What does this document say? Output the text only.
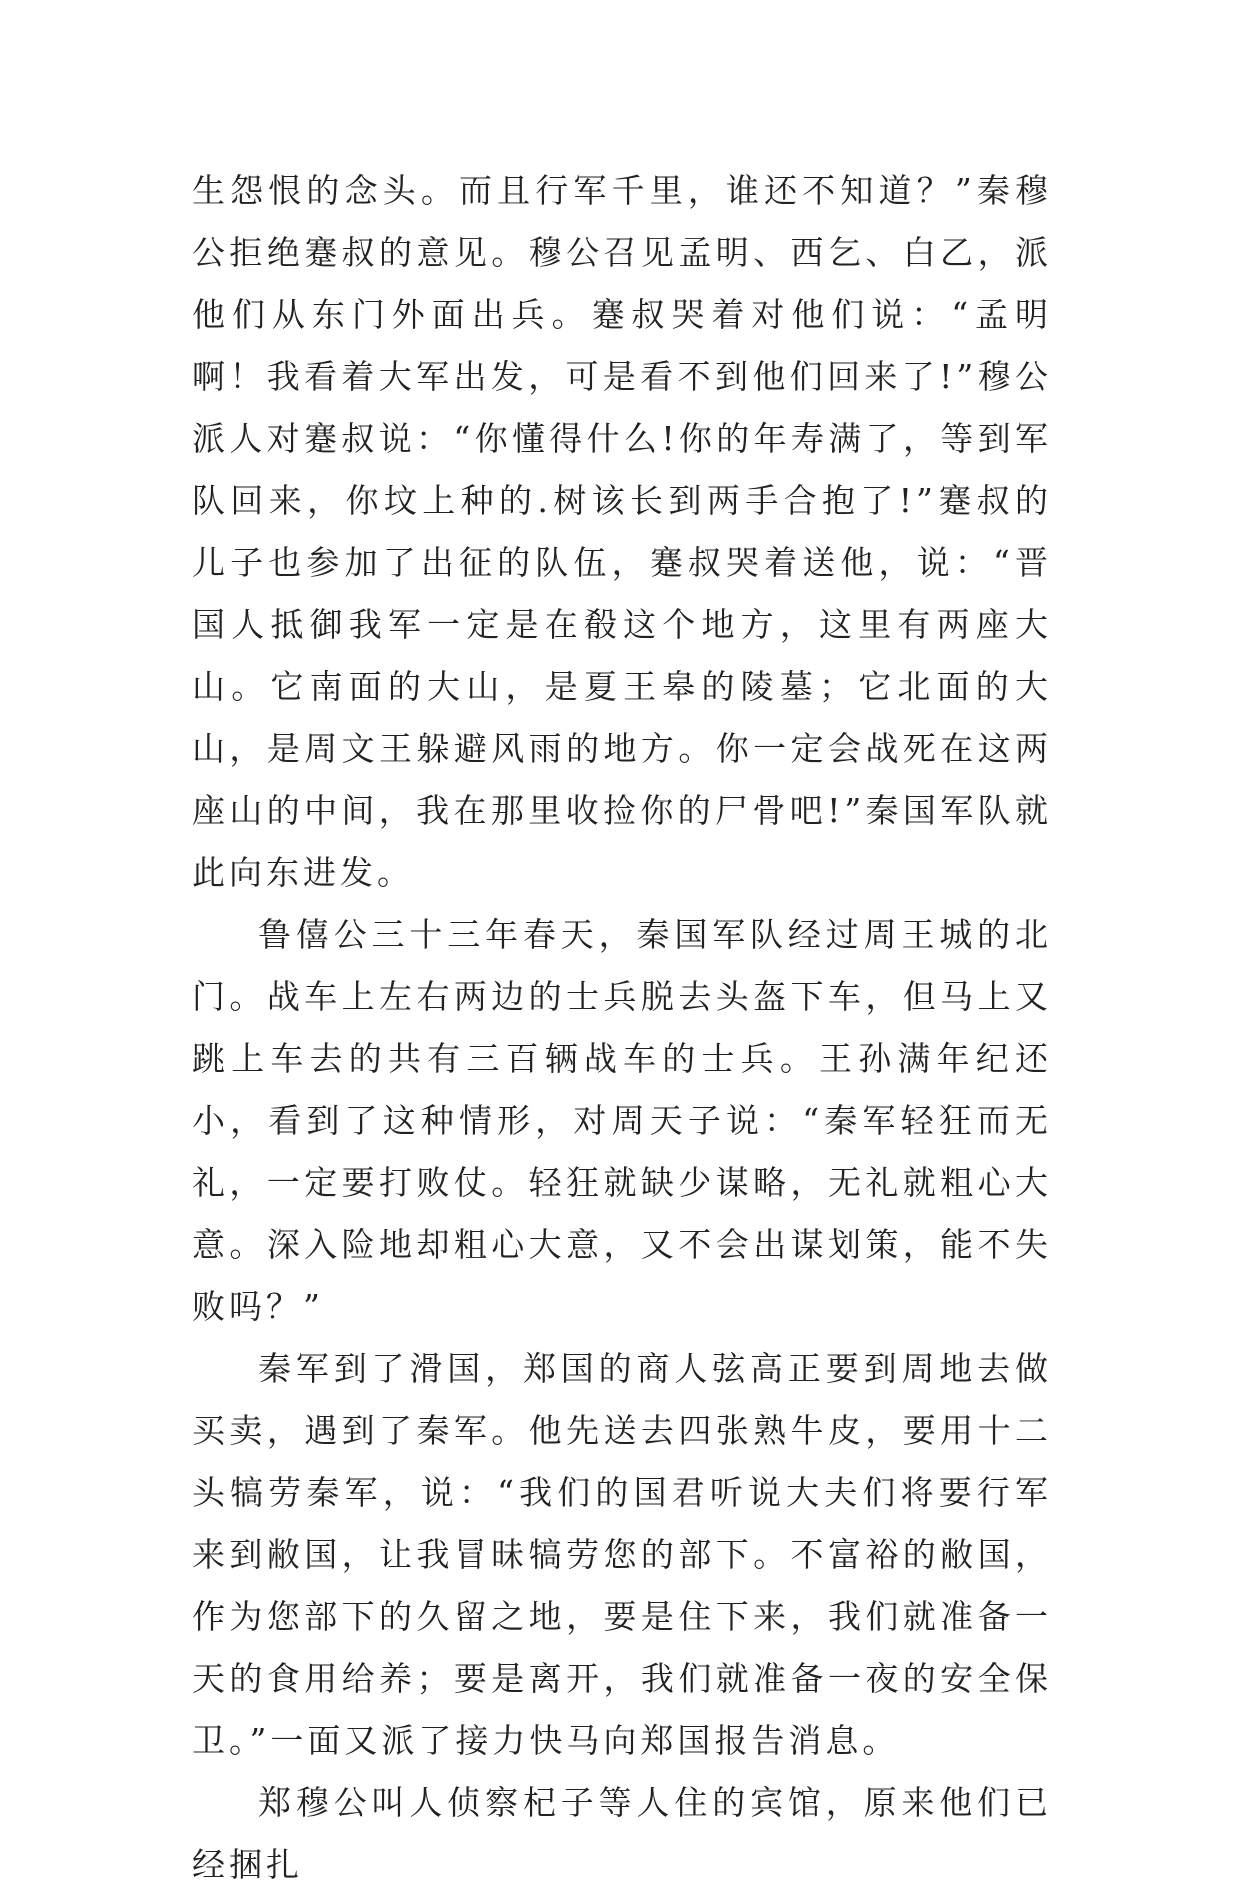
生怨恨的念头。而且行军千里，谁还不知道？”秦穆公拒绝蹇叔的意见。穆公召见孟明、西乞、白乙，派他们从东门外面出兵。蹇叔哭着对他们说：“孟明啊！我看着大军出发，可是看不到他们回来了!”穆公派人对蹇叔说：“你懂得什么!你的年寿满了，等到军队回来，你坟上种的.树该长到两手合抱了!”蹇叔的儿子也参加了出征的队伍，蹇叔哭着送他，说：“晋国人抵御我军一定是在殽这个地方，这里有两座大山。它南面的大山，是夏王皋的陵墓；它北面的大山，是周文王躲避风雨的地方。你一定会战死在这两座山的中间，我在那里收捡你的尸骨吧!”秦国军队就此向东进发。

鲁僖公三十三年春天，秦国军队经过周王城的北门。战车上左右两边的士兵脱去头盔下车，但马上又跳上车去的共有三百辆战车的士兵。王孙满年纪还小，看到了这种情形，对周天子说：“秦军轻狂而无礼，一定要打败仗。轻狂就缺少谋略，无礼就粗心大意。深入险地却粗心大意，又不会出谋划策，能不失败吗？”

秦军到了滑国，郑国的商人弦高正要到周地去做买卖，遇到了秦军。他先送去四张熟牛皮，要用十二头犒劳秦军，说：“我们的国君听说大夫们将要行军来到敝国，让我冒昧犒劳您的部下。不富裕的敝国，作为您部下的久留之地，要是住下来，我们就准备一天的食用给养；要是离开，我们就准备一夜的安全保卫。”一面又派了接力快马向郑国报告消息。

郑穆公叫人侦察杞子等人住的宾馆，原来他们已经捆扎
